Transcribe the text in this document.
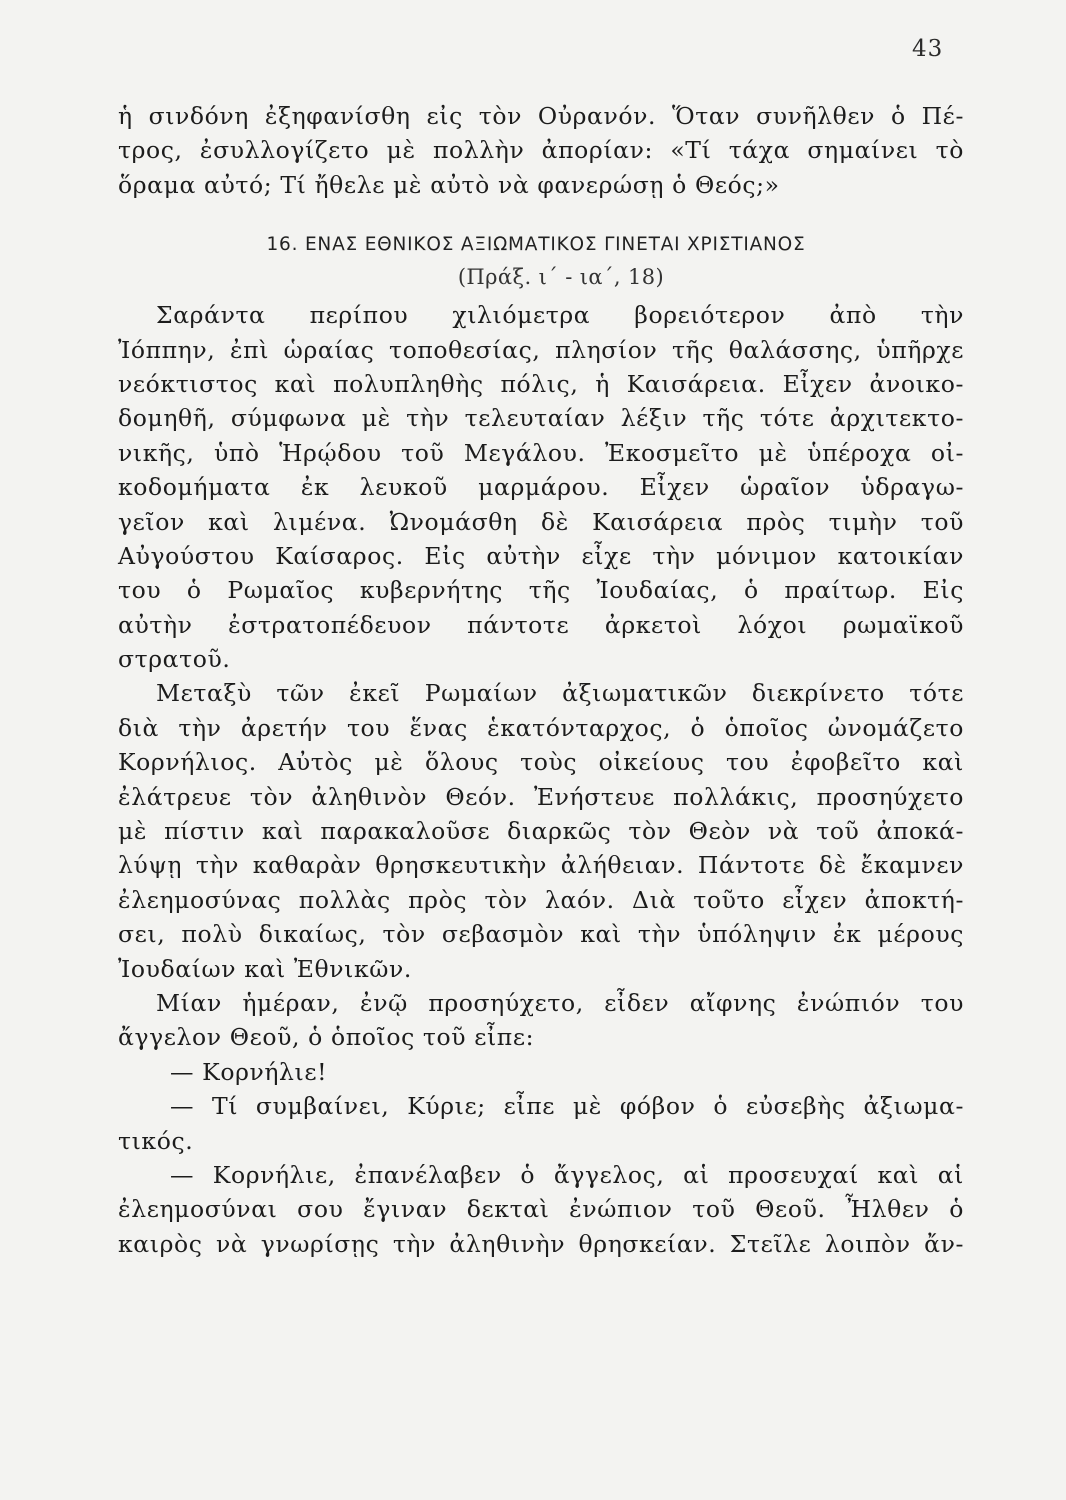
43
ἡ σινδόνη ἐξηφανίσθη εἰς τὸν Οὐρανόν. Ὅταν συνῆλθεν ὁ Πέ-
τρος, ἐσυλλογίζετο μὲ πολλὴν ἀπορίαν: «Τί τάχα σημαίνει τὸ
ὅραμα αὐτό; Τί ἤθελε μὲ αὐτὸ νὰ φανερώσῃ ὁ Θεός;»
16. ΕΝΑΣ ΕΘΝΙΚΟΣ ΑΞΙΩΜΑΤΙΚΟΣ ΓΙΝΕΤΑΙ ΧΡΙΣΤΙΑΝΟΣ
(Πράξ. ι΄ - ια΄, 18)
Σαράντα περίπου χιλιόμετρα βορειότερον ἀπὸ τὴν
Ἰόππην, ἐπὶ ὡραίας τοποθεσίας, πλησίον τῆς θαλάσσης, ὑπῆρχε
νεόκτιστος καὶ πολυπληθὴς πόλις, ἡ Καισάρεια. Εἶχεν ἀνοικο-
δομηθῆ, σύμφωνα μὲ τὴν τελευταίαν λέξιν τῆς τότε ἀρχιτεκτο-
νικῆς, ὑπὸ Ἡρῴδου τοῦ Μεγάλου. Ἐκοσμεῖτο μὲ ὑπέροχα οἰ-
κοδομήματα ἐκ λευκοῦ μαρμάρου. Εἶχεν ὡραῖον ὑδραγω-
γεῖον καὶ λιμένα. Ὠνομάσθη δὲ Καισάρεια πρὸς τιμὴν τοῦ
Αὐγούστου Καίσαρος. Εἰς αὐτὴν εἶχε τὴν μόνιμον κατοικίαν
του ὁ Ρωμαῖος κυβερνήτης τῆς Ἰουδαίας, ὁ πραίτωρ. Εἰς
αὐτὴν ἐστρατοπέδευον πάντοτε ἀρκετοὶ λόχοι ρωμαϊκοῦ
στρατοῦ.
Μεταξὺ τῶν ἐκεῖ Ρωμαίων ἀξιωματικῶν διεκρίνετο τότε
διὰ τὴν ἀρετήν του ἕνας ἑκατόνταρχος, ὁ ὁποῖος ὠνομάζετο
Κορνήλιος. Αὐτὸς μὲ ὅλους τοὺς οἰκείους του ἐφοβεῖτο καὶ
ἐλάτρευε τὸν ἀληθινὸν Θεόν. Ἐνήστευε πολλάκις, προσηύχετο
μὲ πίστιν καὶ παρακαλοῦσε διαρκῶς τὸν Θεὸν νὰ τοῦ ἀποκά-
λύψῃ τὴν καθαρὰν θρησκευτικὴν ἀλήθειαν. Πάντοτε δὲ ἔκαμνεν
ἐλεημοσύνας πολλὰς πρὸς τὸν λαόν. Διὰ τοῦτο εἶχεν ἀποκτή-
σει, πολὺ δικαίως, τὸν σεβασμὸν καὶ τὴν ὑπόληψιν ἐκ μέρους
Ἰουδαίων καὶ Ἐθνικῶν.
Μίαν ἡμέραν, ἐνῷ προσηύχετο, εἶδεν αἴφνης ἐνώπιόν του
ἄγγελον Θεοῦ, ὁ ὁποῖος τοῦ εἶπε:
— Κορνήλιε!
— Τί συμβαίνει, Κύριε; εἶπε μὲ φόβον ὁ εὐσεβὴς ἀξιωμα-
τικός.
— Κορνήλιε, ἐπανέλαβεν ὁ ἄγγελος, αἱ προσευχαί καὶ αἱ
ἐλεημοσύναι σου ἔγιναν δεκταὶ ἐνώπιον τοῦ Θεοῦ. Ἦλθεν ὁ
καιρὸς νὰ γνωρίσῃς τὴν ἀληθινὴν θρησκείαν. Στεῖλε λοιπὸν ἄν-
